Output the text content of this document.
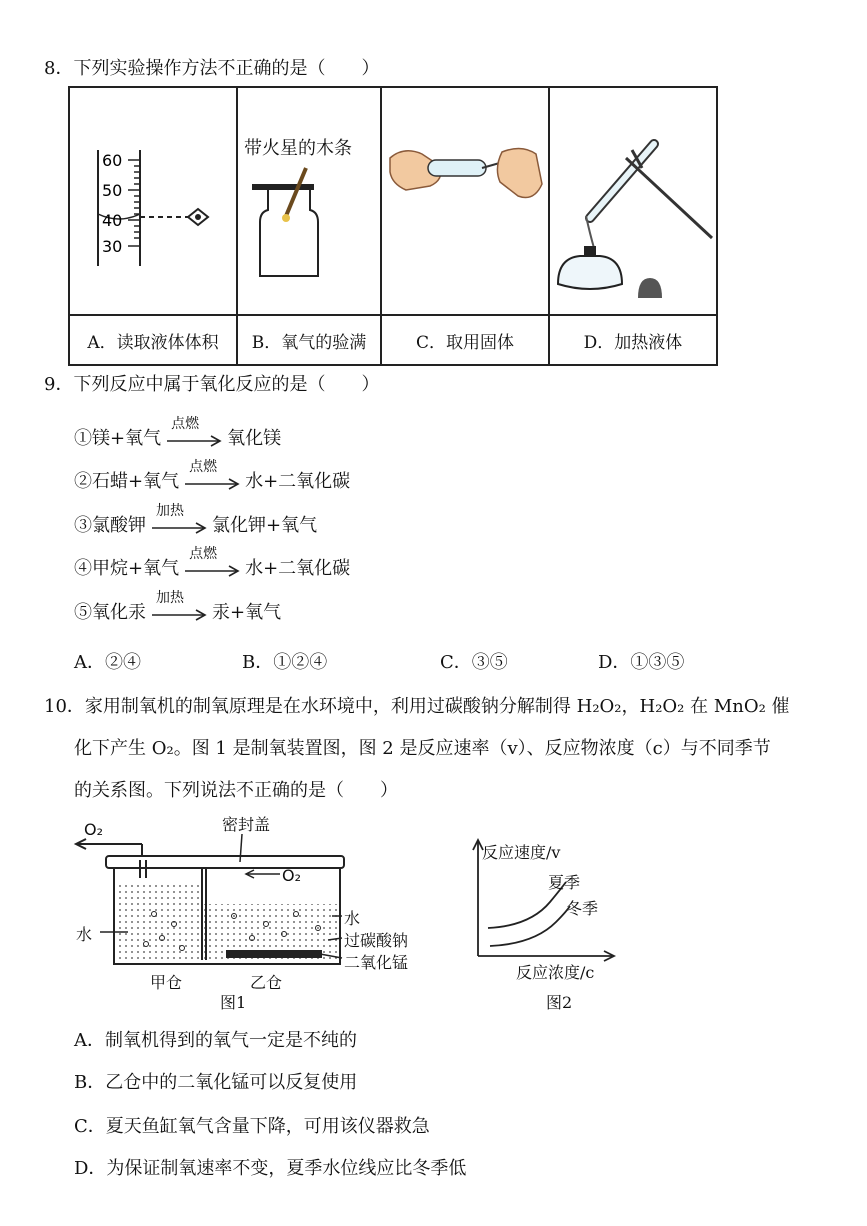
8．下列实验操作方法不正确的是（　　）
60
50
40
30	带火星的木条

A．读取液体体积	B．氧气的验满	C．取用固体	D．加热液体
9．下列反应中属于氧化反应的是（　　）
①镁+氧气
点燃
氧化镁
②石蜡+氧气
点燃
水+二氧化碳
③氯酸钾
加热
氯化钾+氧气
④甲烷+氧气
点燃
水+二氧化碳
⑤氧化汞
加热
汞+氧气
A．②④	B．①②④	C．③⑤	D．①③⑤
10．家用制氧机的制氧原理是在水环境中，利用过碳酸钠分解制得 H₂O₂，H₂O₂ 在 MnO₂ 催
化下产生 O₂。图 1 是制氧装置图，图 2 是反应速率（v）、反应物浓度（c）与不同季节
的关系图。下列说法不正确的是（　　）
O₂	密封盖
O₂
水
水	过碳酸钠
二氧化锰
甲仓	乙仓
图1
反应速度/v
夏季
冬季
反应浓度/c
图2
A．制氧机得到的氧气一定是不纯的
B．乙仓中的二氧化锰可以反复使用
C．夏天鱼缸氧气含量下降，可用该仪器救急
D．为保证制氧速率不变，夏季水位线应比冬季低
